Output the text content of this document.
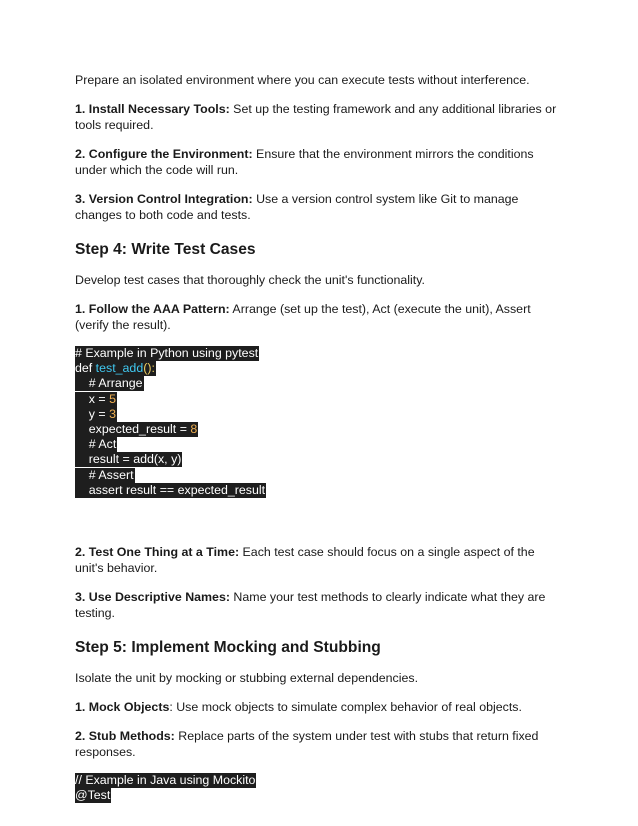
Prepare an isolated environment where you can execute tests without interference.

1. Install Necessary Tools: Set up the testing framework and any additional libraries or tools required.

2. Configure the Environment: Ensure that the environment mirrors the conditions under which the code will run.

3. Version Control Integration: Use a version control system like Git to manage changes to both code and tests.

Step 4: Write Test Cases

Develop test cases that thoroughly check the unit's functionality.

1. Follow the AAA Pattern: Arrange (set up the test), Act (execute the unit), Assert (verify the result).

# Example in Python using pytest
def test_add():
# Arrange
x = 5
y = 3
expected_result = 8
# Act
result = add(x, y)
# Assert
assert result == expected_result

2. Test One Thing at a Time: Each test case should focus on a single aspect of the unit's behavior.

3. Use Descriptive Names: Name your test methods to clearly indicate what they are testing.

Step 5: Implement Mocking and Stubbing

Isolate the unit by mocking or stubbing external dependencies.

1. Mock Objects: Use mock objects to simulate complex behavior of real objects.

2. Stub Methods: Replace parts of the system under test with stubs that return fixed responses.

// Example in Java using Mockito
@Test
